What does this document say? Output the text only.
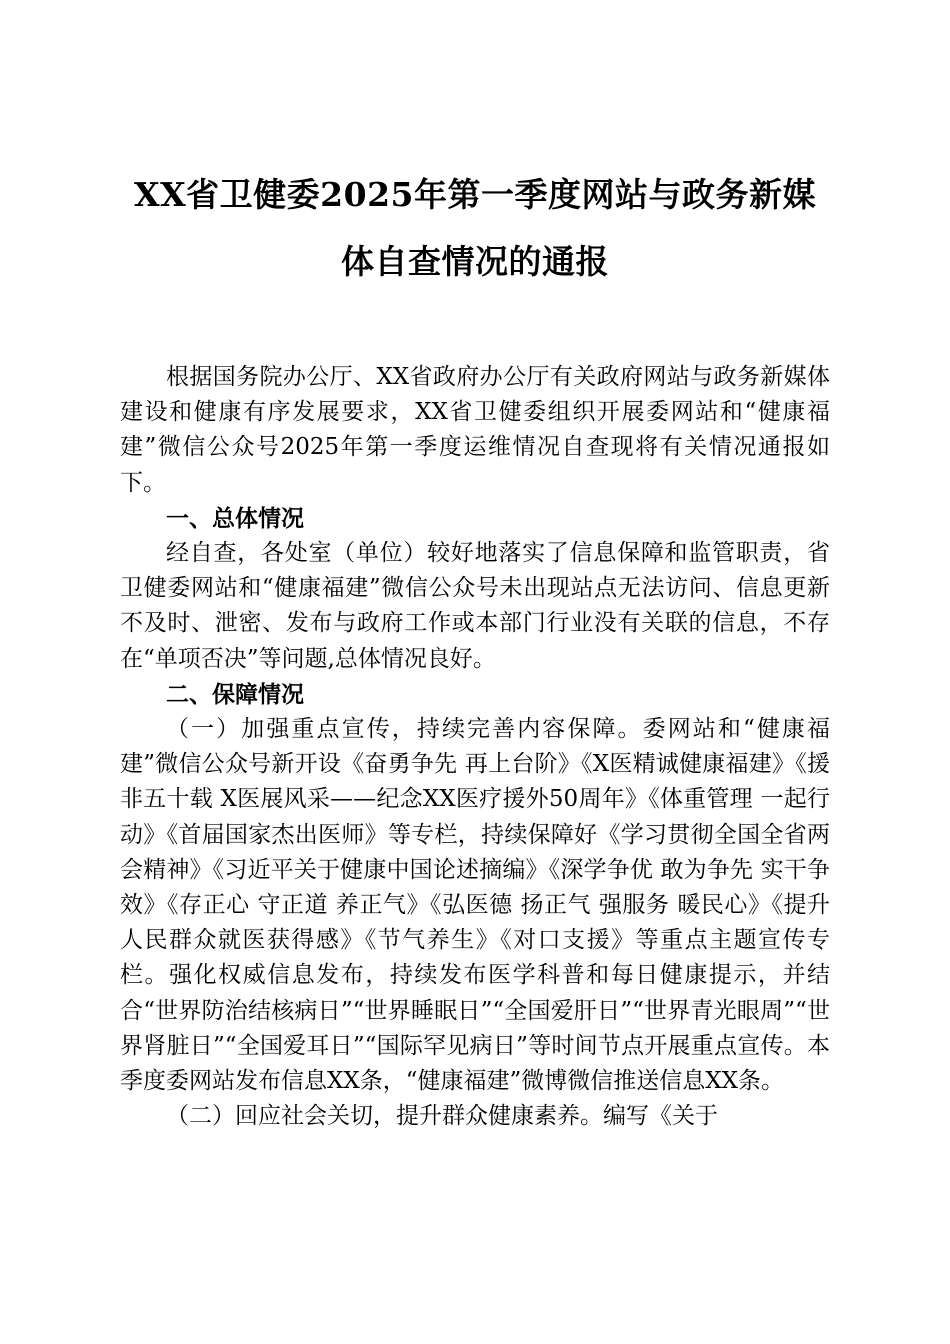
XX省卫健委2025年第一季度网站与政务新媒
体自查情况的通报

根据国务院办公厅、XX省政府办公厅有关政府网站与政务新媒体建设和健康有序发展要求，XX省卫健委组织开展委网站和“健康福建”微信公众号2025年第一季度运维情况自查现将有关情况通报如下。

一、总体情况

经自查，各处室（单位）较好地落实了信息保障和监管职责，省卫健委网站和“健康福建”微信公众号未出现站点无法访问、信息更新不及时、泄密、发布与政府工作或本部门行业没有关联的信息，不存在“单项否决”等问题,总体情况良好。

二、保障情况

（一）加强重点宣传，持续完善内容保障。委网站和“健康福建”微信公众号新开设《奋勇争先 再上台阶》《X医精诚健康福建》《援非五十载 X医展风采——纪念XX医疗援外50周年》《体重管理 一起行动》《首届国家杰出医师》等专栏，持续保障好《学习贯彻全国全省两会精神》《习近平关于健康中国论述摘编》《深学争优 敢为争先 实干争效》《存正心 守正道 养正气》《弘医德 扬正气 强服务 暖民心》《提升人民群众就医获得感》《节气养生》《对口支援》等重点主题宣传专栏。强化权威信息发布，持续发布医学科普和每日健康提示，并结合“世界防治结核病日”“世界睡眠日”“全国爱肝日”“世界青光眼周”“世界肾脏日”“全国爱耳日”“国际罕见病日”等时间节点开展重点宣传。本季度委网站发布信息XX条，“健康福建”微博微信推送信息XX条。

（二）回应社会关切，提升群众健康素养。编写《关于
